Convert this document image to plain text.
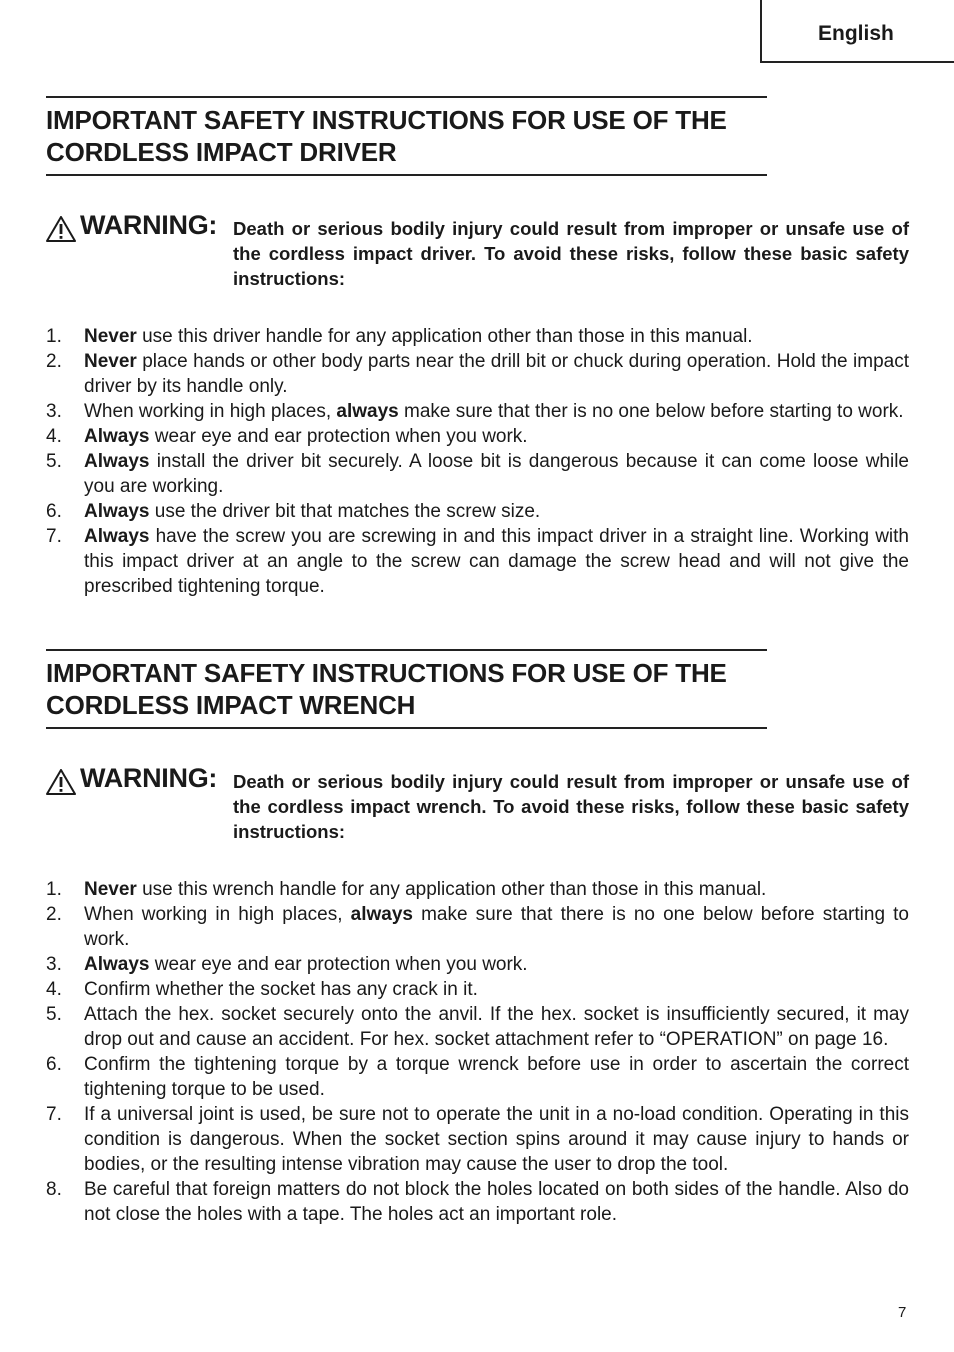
English
IMPORTANT SAFETY INSTRUCTIONS FOR USE OF THE
CORDLESS IMPACT DRIVER
WARNING: Death or serious bodily injury could result from improper or unsafe use of the cordless impact driver. To avoid these risks, follow these basic safety instructions:
1. Never use this driver handle for any application other than those in this manual.
2. Never place hands or other body parts near the drill bit or chuck during operation. Hold the impact driver by its handle only.
3. When working in high places, always make sure that ther is no one below before starting to work.
4. Always wear eye and ear protection when you work.
5. Always install the driver bit securely. A loose bit is dangerous because it can come loose while you are working.
6. Always use the driver bit that matches the screw size.
7. Always have the screw you are screwing in and this impact driver in a straight line. Working with this impact driver at an angle to the screw can damage the screw head and will not give the prescribed tightening torque.
IMPORTANT SAFETY INSTRUCTIONS FOR USE OF THE
CORDLESS IMPACT WRENCH
WARNING: Death or serious bodily injury could result from improper or unsafe use of the cordless impact wrench. To avoid these risks, follow these basic safety instructions:
1. Never use this wrench handle for any application other than those in this manual.
2. When working in high places, always make sure that there is no one below before starting to work.
3. Always wear eye and ear protection when you work.
4. Confirm whether the socket has any crack in it.
5. Attach the hex. socket securely onto the anvil. If the hex. socket is insufficiently secured, it may drop out and cause an accident. For hex. socket attachment refer to “OPERATION” on page 16.
6. Confirm the tightening torque by a torque wrenck before use in order to ascertain the correct tightening torque to be used.
7. If a universal joint is used, be sure not to operate the unit in a no-load condition. Operating in this condition is dangerous. When the socket section spins around it may cause injury to hands or bodies, or the resulting intense vibration may cause the user to drop the tool.
8. Be careful that foreign matters do not block the holes located on both sides of the handle. Also do not close the holes with a tape. The holes act an important role.
7
